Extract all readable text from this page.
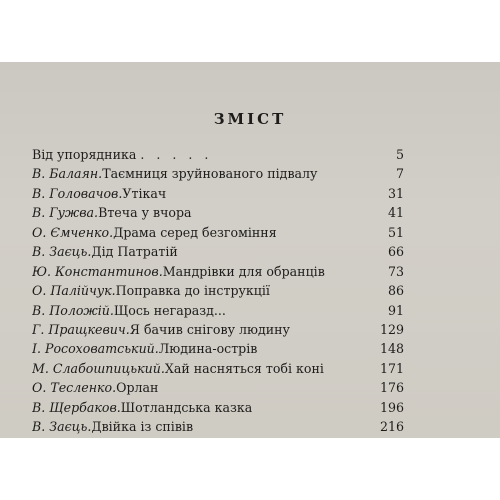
ЗМІСТ
Від упорядника . . . . .	5
В. Балаян. Таємниця зруйнованого підвалу	7
В. Головачов. Утікач	31
В. Гужва. Втеча у вчора	41
О. Ємченко. Драма серед безгоміння	51
В. Заєць. Дід Патратій	66
Ю. Константинов. Мандрівки для обранців	73
О. Палійчук. Поправка до інструкції	86
В. Положій. Щось негаразд...	91
Г. Пращкевич. Я бачив снігову людину	129
І. Росоховатський. Людина-острів	148
М. Слабошпицький. Хай насняться тобі коні	171
О. Тесленко. Орлан	176
В. Щербаков. Шотландська казка	196
В. Заєць. Двійка із співів	216
